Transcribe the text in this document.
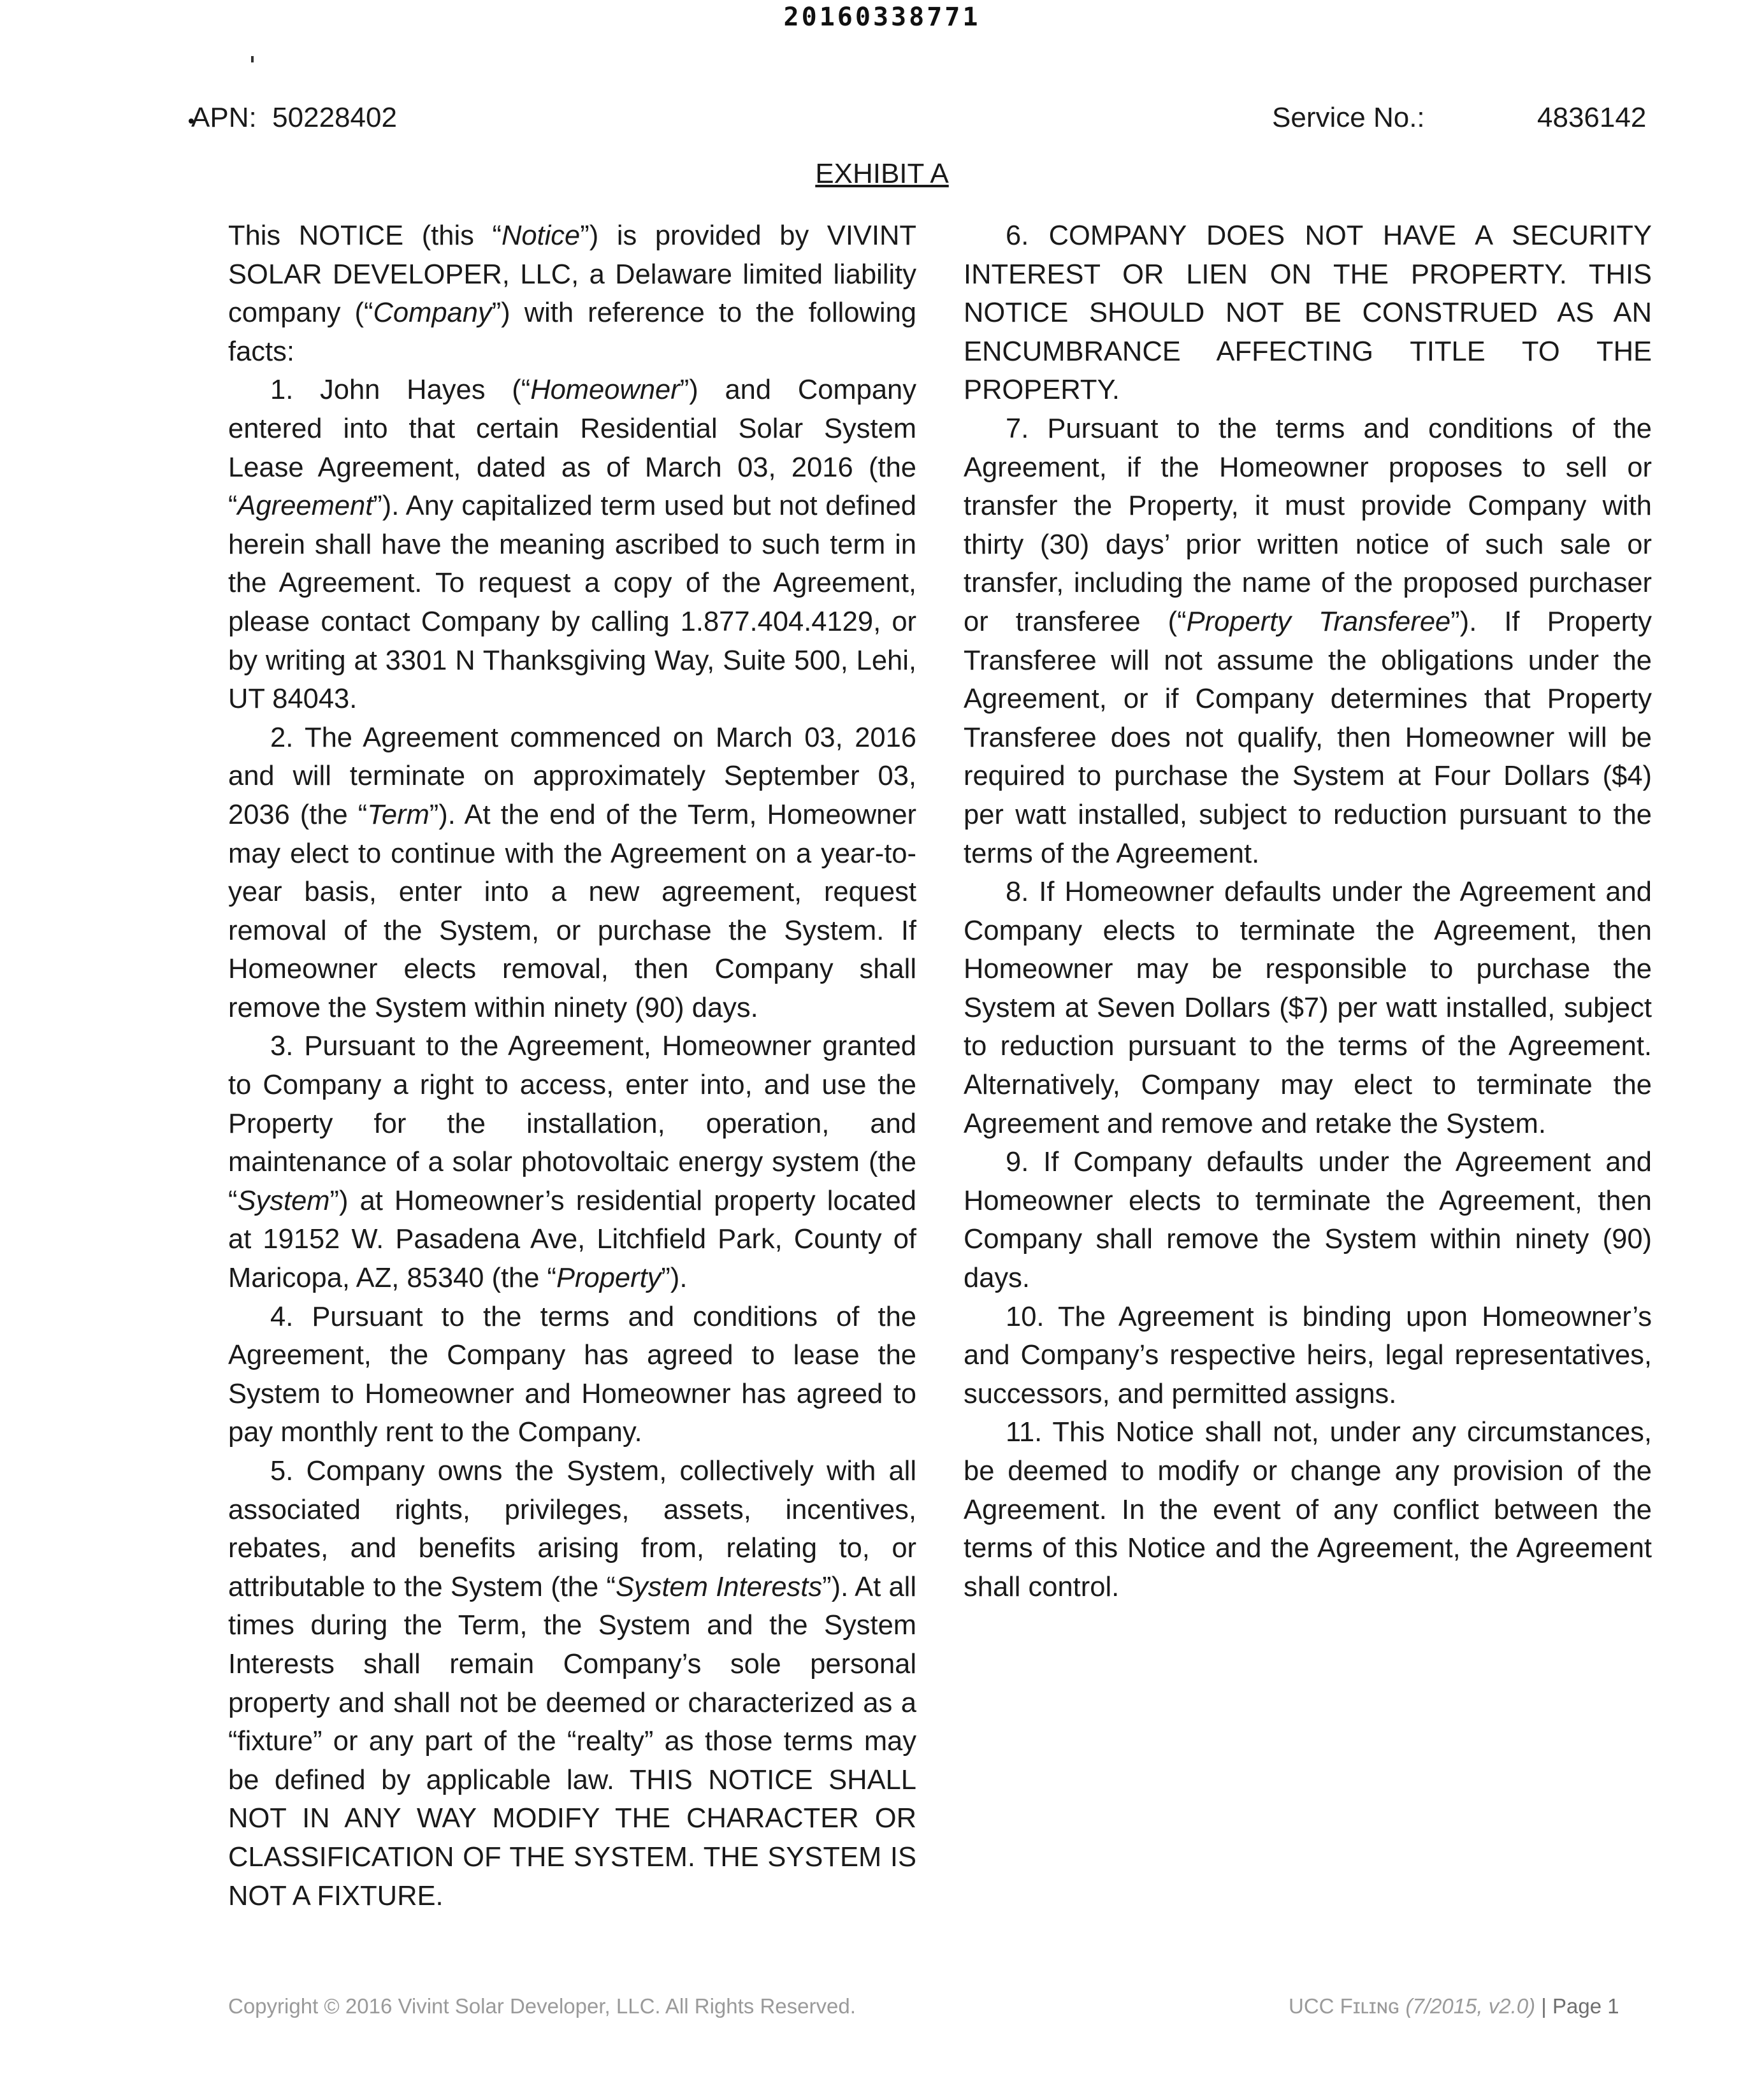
20160338771
APN: 50228402	Service No.:	4836142
EXHIBIT A

This NOTICE (this “Notice”) is provided by VIVINT SOLAR DEVELOPER, LLC, a Delaware limited liability company (“Company”) with reference to the following facts:

1. John Hayes (“Homeowner”) and Company entered into that certain Residential Solar System Lease Agreement, dated as of March 03, 2016 (the “Agreement”). Any capitalized term used but not defined herein shall have the meaning ascribed to such term in the Agreement. To request a copy of the Agreement, please contact Company by calling 1.877.404.4129, or by writing at 3301 N Thanksgiving Way, Suite 500, Lehi, UT 84043.

2. The Agreement commenced on March 03, 2016 and will terminate on approximately September 03, 2036 (the “Term”). At the end of the Term, Homeowner may elect to continue with the Agreement on a year-to-year basis, enter into a new agreement, request removal of the System, or purchase the System. If Homeowner elects removal, then Company shall remove the System within ninety (90) days.

3. Pursuant to the Agreement, Homeowner granted to Company a right to access, enter into, and use the Property for the installation, operation, and maintenance of a solar photovoltaic energy system (the “System”) at Homeowner’s residential property located at 19152 W. Pasadena Ave, Litchfield Park, County of Maricopa, AZ, 85340 (the “Property”).

4. Pursuant to the terms and conditions of the Agreement, the Company has agreed to lease the System to Homeowner and Homeowner has agreed to pay monthly rent to the Company.

5. Company owns the System, collectively with all associated rights, privileges, assets, incentives, rebates, and benefits arising from, relating to, or attributable to the System (the “System Interests”). At all times during the Term, the System and the System Interests shall remain Company’s sole personal property and shall not be deemed or characterized as a “fixture” or any part of the “realty” as those terms may be defined by applicable law. THIS NOTICE SHALL NOT IN ANY WAY MODIFY THE CHARACTER OR CLASSIFICATION OF THE SYSTEM. THE SYSTEM IS NOT A FIXTURE.

6. COMPANY DOES NOT HAVE A SECURITY INTEREST OR LIEN ON THE PROPERTY. THIS NOTICE SHOULD NOT BE CONSTRUED AS AN ENCUMBRANCE AFFECTING TITLE TO THE PROPERTY.

7. Pursuant to the terms and conditions of the Agreement, if the Homeowner proposes to sell or transfer the Property, it must provide Company with thirty (30) days’ prior written notice of such sale or transfer, including the name of the proposed purchaser or transferee (“Property Transferee”). If Property Transferee will not assume the obligations under the Agreement, or if Company determines that Property Transferee does not qualify, then Homeowner will be required to purchase the System at Four Dollars ($4) per watt installed, subject to reduction pursuant to the terms of the Agreement.

8. If Homeowner defaults under the Agreement and Company elects to terminate the Agreement, then Homeowner may be responsible to purchase the System at Seven Dollars ($7) per watt installed, subject to reduction pursuant to the terms of the Agreement. Alternatively, Company may elect to terminate the Agreement and remove and retake the System.

9. If Company defaults under the Agreement and Homeowner elects to terminate the Agreement, then Company shall remove the System within ninety (90) days.

10. The Agreement is binding upon Homeowner’s and Company’s respective heirs, legal representatives, successors, and permitted assigns.

11. This Notice shall not, under any circumstances, be deemed to modify or change any provision of the Agreement. In the event of any conflict between the terms of this Notice and the Agreement, the Agreement shall control.

Copyright © 2016 Vivint Solar Developer, LLC. All Rights Reserved.	UCC Fɪʟɪɴɢ (7/2015, v2.0) | Page 1
